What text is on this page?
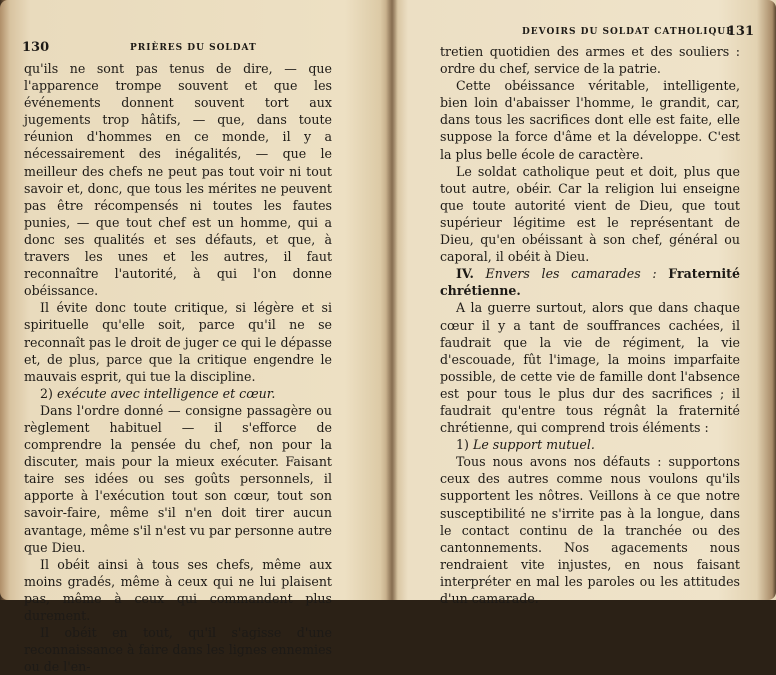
130	PRIÈRES DU SOLDAT

qu'ils ne sont pas tenus de dire, — que l'apparence trompe souvent et que les événements donnent souvent tort aux jugements trop hâtifs, — que, dans toute réunion d'hommes en ce monde, il y a nécessairement des inégalités, — que le meilleur des chefs ne peut pas tout voir ni tout savoir et, donc, que tous les mérites ne peuvent pas être récompensés ni toutes les fautes punies, — que tout chef est un homme, qui a donc ses qualités et ses défauts, et que, à travers les unes et les autres, il faut reconnaître l'autorité, à qui l'on donne obéissance.

Il évite donc toute critique, si légère et si spirituelle qu'elle soit, parce qu'il ne se reconnaît pas le droit de juger ce qui le dépasse et, de plus, parce que la critique engendre le mauvais esprit, qui tue la discipline.

2) exécute avec intelligence et cœur.

Dans l'ordre donné — consigne passagère ou règlement habituel — il s'efforce de comprendre la pensée du chef, non pour la discuter, mais pour la mieux exécuter. Faisant taire ses idées ou ses goûts personnels, il apporte à l'exécution tout son cœur, tout son savoir-faire, même s'il n'en doit tirer aucun avantage, même s'il n'est vu par personne autre que Dieu.

Il obéit ainsi à tous ses chefs, même aux moins gradés, même à ceux qui ne lui plaisent pas, même à ceux qui commandent plus durement.

Il obéit en tout, qu'il s'agisse d'une reconnaissance à faire dans les lignes ennemies ou de l'en-

DEVOIRS DU SOLDAT CATHOLIQUE
131

tretien quotidien des armes et des souliers : ordre du chef, service de la patrie.

Cette obéissance véritable, intelligente, bien loin d'abaisser l'homme, le grandit, car, dans tous les sacrifices dont elle est faite, elle suppose la force d'âme et la développe. C'est la plus belle école de caractère.

Le soldat catholique peut et doit, plus que tout autre, obéir. Car la religion lui enseigne que toute autorité vient de Dieu, que tout supérieur légitime est le représentant de Dieu, qu'en obéissant à son chef, général ou caporal, il obéit à Dieu.

IV. Envers les camarades : Fraternité chrétienne.

A la guerre surtout, alors que dans chaque cœur il y a tant de souffrances cachées, il faudrait que la vie de régiment, la vie d'escouade, fût l'image, la moins imparfaite possible, de cette vie de famille dont l'absence est pour tous le plus dur des sacrifices ; il faudrait qu'entre tous régnât la fraternité chrétienne, qui comprend trois éléments :

1) Le support mutuel.

Tous nous avons nos défauts : supportons ceux des autres comme nous voulons qu'ils supportent les nôtres. Veillons à ce que notre susceptibilité ne s'irrite pas à la longue, dans le contact continu de la tranchée ou des cantonnements. Nos agacements nous rendraient vite injustes, en nous faisant interpréter en mal les paroles ou les attitudes d'un camarade.
